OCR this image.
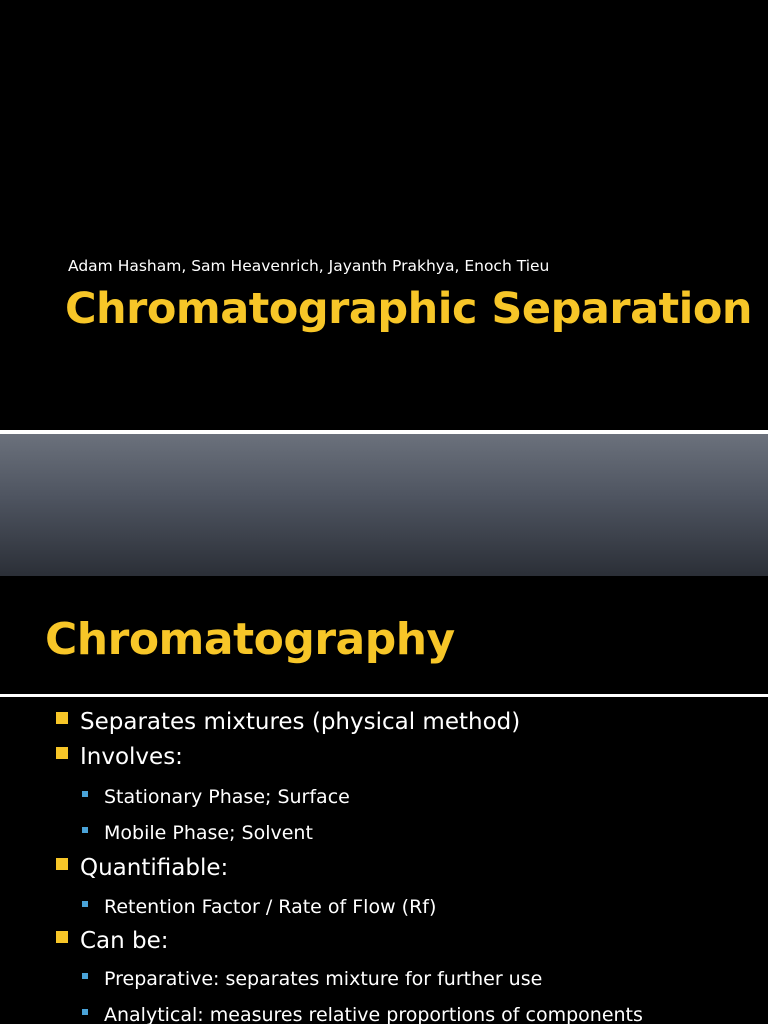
Adam Hasham, Sam Heavenrich, Jayanth Prakhya, Enoch Tieu
Chromatographic Separation
Chromatography
Separates mixtures (physical method)
Involves:
Stationary Phase; Surface
Mobile Phase; Solvent
Quantifiable:
Retention Factor / Rate of Flow (Rf)
Can be:
Preparative: separates mixture for further use
Analytical: measures relative proportions of components
